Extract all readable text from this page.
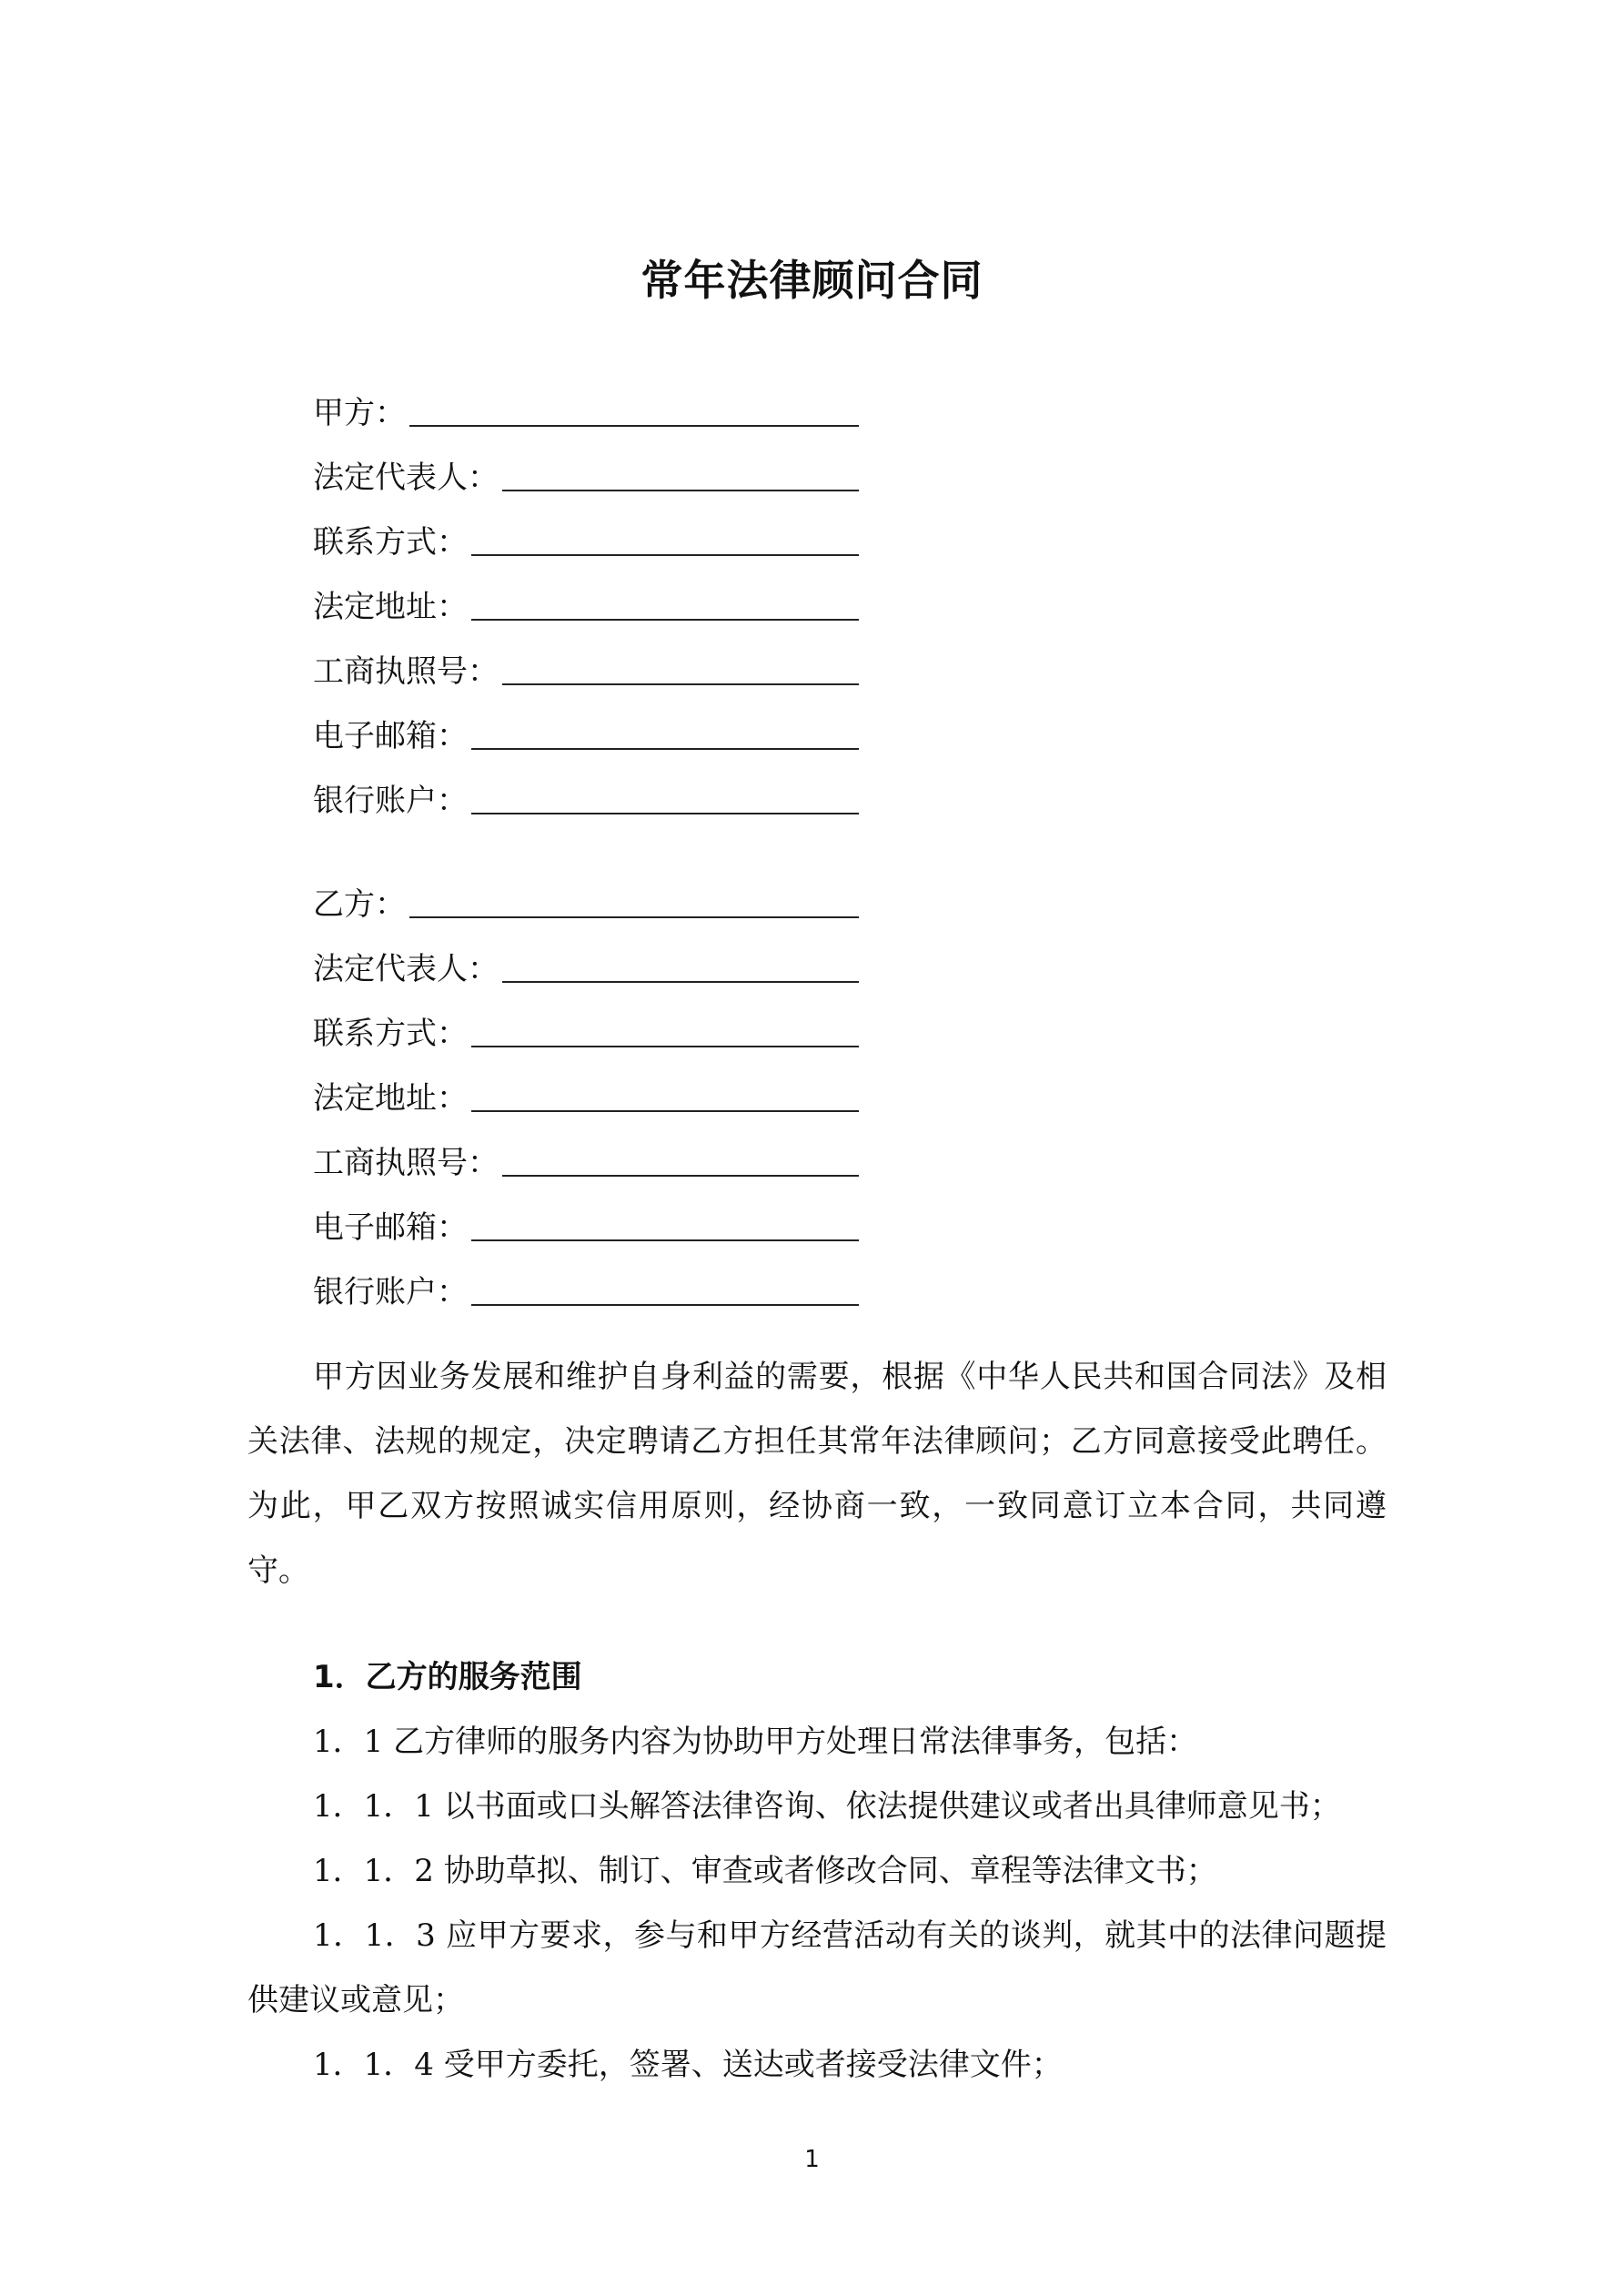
常年法律顾问合同
甲方：
法定代表人：
联系方式：
法定地址：
工商执照号：
电子邮箱：
银行账户：
乙方：
法定代表人：
联系方式：
法定地址：
工商执照号：
电子邮箱：
银行账户：
甲方因业务发展和维护自身利益的需要，根据《中华人民共和国合同法》及相关法律、法规的规定，决定聘请乙方担任其常年法律顾问；乙方同意接受此聘任。为此，甲乙双方按照诚实信用原则，经协商一致，一致同意订立本合同，共同遵守。

1．乙方的服务范围

1．1 乙方律师的服务内容为协助甲方处理日常法律事务，包括：

1．1．1 以书面或口头解答法律咨询、依法提供建议或者出具律师意见书；

1．1．2 协助草拟、制订、审查或者修改合同、章程等法律文书；

1．1．3 应甲方要求，参与和甲方经营活动有关的谈判，就其中的法律问题提供建议或意见；

1．1．4 受甲方委托，签署、送达或者接受法律文件；

1
